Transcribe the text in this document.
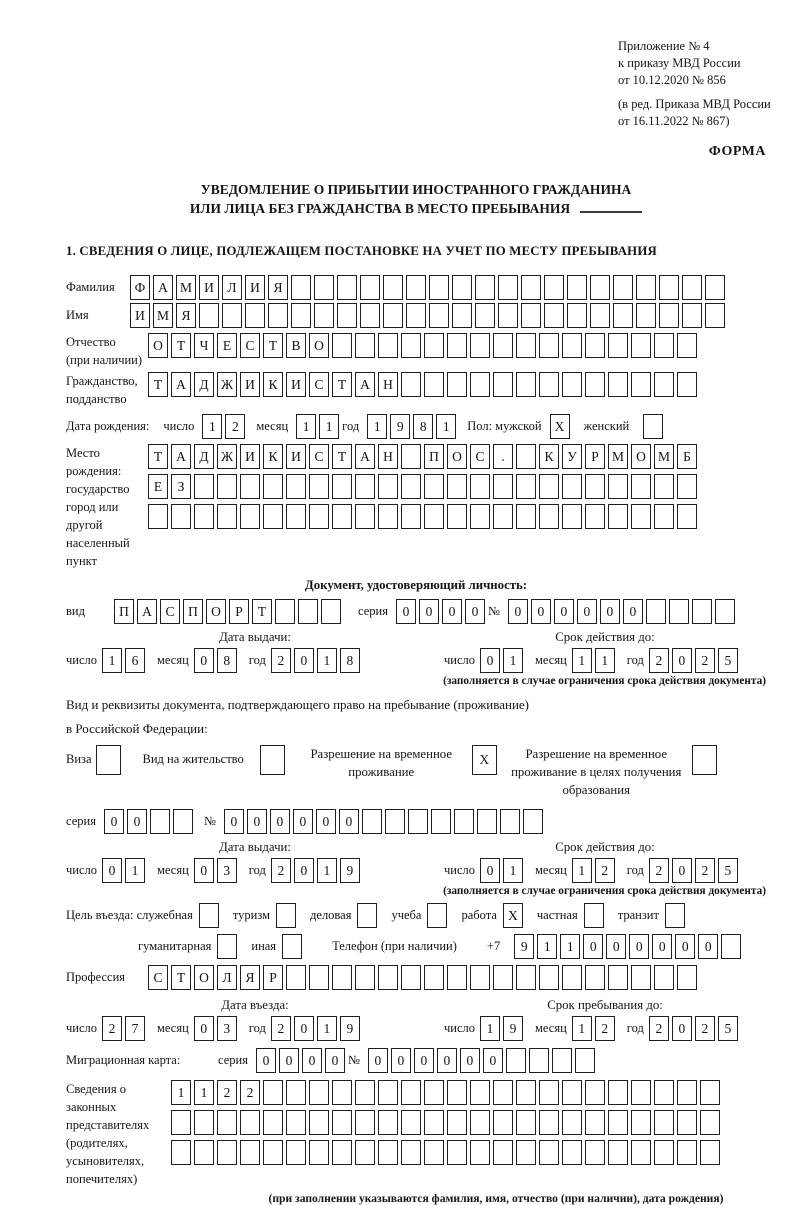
Приложение № 4
к приказу МВД России
от 10.12.2020 № 856
(в ред. Приказа МВД России
от 16.11.2022 № 867)
ФОРМА
УВЕДОМЛЕНИЕ О ПРИБЫТИИ ИНОСТРАННОГО ГРАЖДАНИНА
ИЛИ ЛИЦА БЕЗ ГРАЖДАНСТВА В МЕСТО ПРЕБЫВАНИЯ
1. СВЕДЕНИЯ О ЛИЦЕ, ПОДЛЕЖАЩЕМ ПОСТАНОВКЕ НА УЧЕТ ПО МЕСТУ ПРЕБЫВАНИЯ
Фамилия	Ф А М И	Л	И	Я
Имя	И М Я
Отчество
(при наличии)
О	Т	Ч	Е	С	Т	В	О
Гражданство,
подданство
Т	А	Д Ж И	К	И	С	Т	А Н
Дата рождения: число	1	2	месяц	1	1 год	1	9	8	1	Пол: мужской X	женский
Место рождения:
государство
город или другой
населенный пункт
Т	А	Д Ж И	К	И	С	Т	А Н	П О	С	.	К	У	Р М О М Б
Е	З
Документ, удостоверяющий личность:
вид	П А	С	П О	Р	Т	серия	0	0	0	0 №	0	0	0	0	0	0
Дата выдачи:
число 1	6	месяц 0	8	год 2	0	1	8
Срок действия до:
число 0	1	месяц 1	1	год 2	0	2	5
(заполняется в случае ограничения срока действия документа)
Вид и реквизиты документа, подтверждающего право на пребывание (проживание)
в Российской Федерации:
Виза	Вид на жительство	Разрешение на временное проживание
X	Разрешение на временное проживание в целях получения образования
серия	0	0	№	0	0	0	0	0	0
Дата выдачи:
число 0	1	месяц 0	3	год 2	0	1	9
Срок действия до:
число 0	1	месяц 1	2	год 2	0	2	5
(заполняется в случае ограничения срока действия документа)
Цель въезда: служебная	туризм	деловая	учеба	работа X	частная	транзит
гуманитарная	иная	Телефон (при наличии) +7	9	1	1	0	0	0	0	0	0
Профессия	С	Т	О	Л	Я	Р
Дата въезда:
число 2	7	месяц 0	3	год 2	0	1	9
Срок пребывания до:
число 1	9	месяц 1	2	год 2	0	2	5
Миграционная карта:	серия	0	0	0	0 №	0	0	0	0	0	0
Сведения о
законных
представителях
(родителях,
усыновителях,
попечителях)
1	1	2	2
(при заполнении указываются фамилия, имя, отчество (при наличии), дата рождения)
